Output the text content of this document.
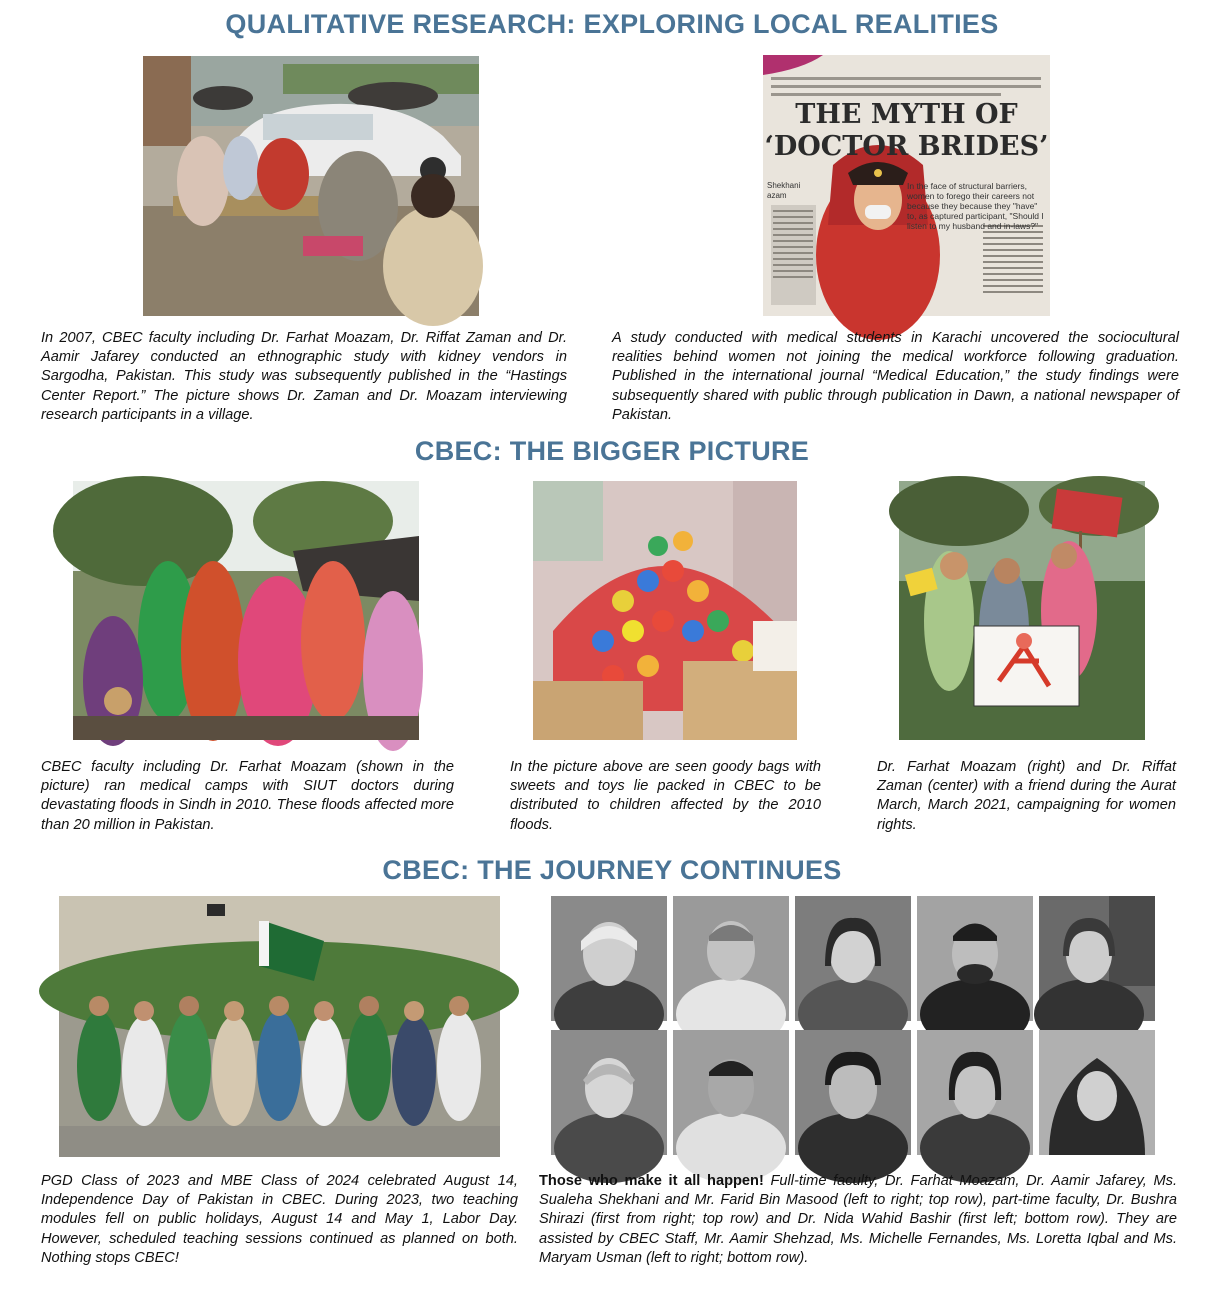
QUALITATIVE RESEARCH: EXPLORING LOCAL REALITIES
THE MYTH OF
‘DOCTOR BRIDES’
Shekhani azam
In the face of structural barriers, women to forego their careers not because they because they "have" to, as captured participant, "Should I listen to my husband and in-laws?"

In 2007, CBEC faculty including Dr. Farhat Moazam, Dr. Riffat Zaman and Dr. Aamir Jafarey conducted an ethnographic study with kidney vendors in Sargodha, Pakistan. This study was subsequently published in the “Hastings Center Report.” The picture shows Dr. Zaman and Dr. Moazam interviewing research participants in a village.

A study conducted with medical students in Karachi uncovered the sociocultural realities behind women not joining the medical workforce following graduation. Published in the international journal “Medical Education,” the study findings were subsequently shared with public through publication in Dawn, a national newspaper of Pakistan.

CBEC: THE BIGGER PICTURE

CBEC faculty including Dr. Farhat Moazam (shown in the picture) ran medical camps with SIUT doctors during devastating floods in Sindh in 2010. These floods affected more than 20 million in Pakistan.

In the picture above are seen goody bags with sweets and toys lie packed in CBEC to be distributed to children affected by the 2010 floods.

Dr. Farhat Moazam (right) and Dr. Riffat Zaman (center) with a friend during the Aurat March, March 2021, campaigning for women rights.

CBEC: THE JOURNEY CONTINUES

PGD Class of 2023 and MBE Class of 2024 celebrated August 14, Independence Day of Pakistan in CBEC. During 2023, two teaching modules fell on public holidays, August 14 and May 1, Labor Day. However, scheduled teaching sessions continued as planned on both. Nothing stops CBEC!

Those who make it all happen! Full-time faculty, Dr. Farhat Moazam, Dr. Aamir Jafarey, Ms. Sualeha Shekhani and Mr. Farid Bin Masood (left to right; top row), part-time faculty, Dr. Bushra Shirazi (first from right; top row) and Dr. Nida Wahid Bashir (first left; bottom row). They are assisted by CBEC Staff, Mr. Aamir Shehzad, Ms. Michelle Fernandes, Ms. Loretta Iqbal and Ms. Maryam Usman (left to right; bottom row).
